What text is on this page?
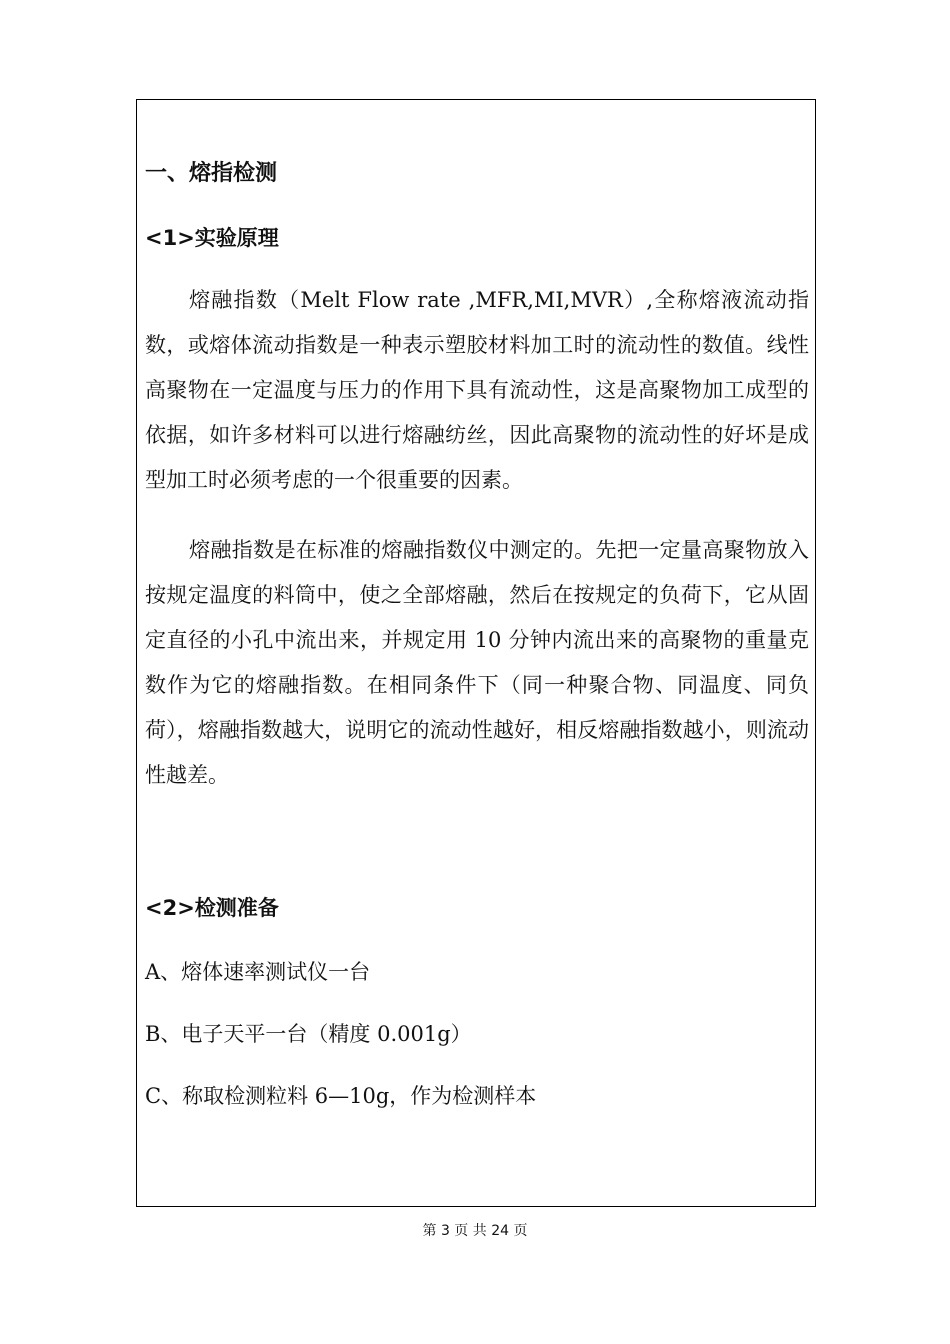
一、熔指检测
<1>实验原理

熔融指数（Melt Flow rate ,MFR,MI,MVR）,全称熔液流动指数，或熔体流动指数是一种表示塑胶材料加工时的流动性的数值。线性高聚物在一定温度与压力的作用下具有流动性，这是高聚物加工成型的依据，如许多材料可以进行熔融纺丝，因此高聚物的流动性的好坏是成型加工时必须考虑的一个很重要的因素。

熔融指数是在标准的熔融指数仪中测定的。先把一定量高聚物放入按规定温度的料筒中，使之全部熔融，然后在按规定的负荷下，它从固定直径的小孔中流出来，并规定用 10 分钟内流出来的高聚物的重量克数作为它的熔融指数。在相同条件下（同一种聚合物、同温度、同负荷），熔融指数越大，说明它的流动性越好，相反熔融指数越小，则流动性越差。

<2>检测准备
A、熔体速率测试仪一台
B、电子天平一台（精度 0.001g）
C、称取检测粒料 6—10g，作为检测样本
第 3 页 共 24 页
